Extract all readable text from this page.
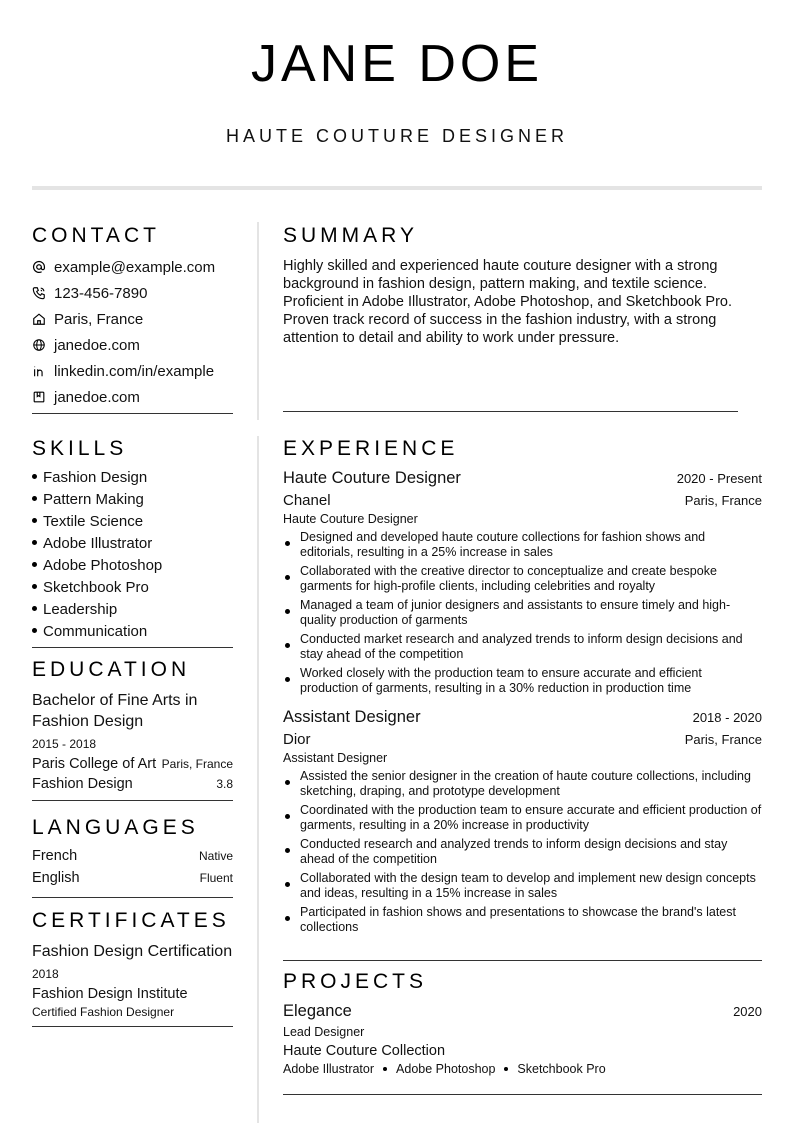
JANE DOE
HAUTE COUTURE DESIGNER
CONTACT
example@example.com
123-456-7890
Paris, France
janedoe.com
linkedin.com/in/example
janedoe.com
SKILLS
Fashion Design
Pattern Making
Textile Science
Adobe Illustrator
Adobe Photoshop
Sketchbook Pro
Leadership
Communication
EDUCATION
Bachelor of Fine Arts in Fashion Design
2015 - 2018
Paris College of Art Paris, France
Fashion Design	3.8
LANGUAGES
French	Native
English	Fluent
CERTIFICATES
Fashion Design Certification
2018
Fashion Design Institute
Certified Fashion Designer
SUMMARY
Highly skilled and experienced haute couture designer with a strong background in fashion design, pattern making, and textile science. Proficient in Adobe Illustrator, Adobe Photoshop, and Sketchbook Pro. Proven track record of success in the fashion industry, with a strong attention to detail and ability to work under pressure.
EXPERIENCE
Haute Couture Designer	2020 - Present
Chanel	Paris, France
Haute Couture Designer
Designed and developed haute couture collections for fashion shows and editorials, resulting in a 25% increase in sales
Collaborated with the creative director to conceptualize and create bespoke garments for high-profile clients, including celebrities and royalty
Managed a team of junior designers and assistants to ensure timely and high-quality production of garments
Conducted market research and analyzed trends to inform design decisions and stay ahead of the competition
Worked closely with the production team to ensure accurate and efficient production of garments, resulting in a 30% reduction in production time
Assistant Designer	2018 - 2020
Dior	Paris, France
Assistant Designer
Assisted the senior designer in the creation of haute couture collections, including sketching, draping, and prototype development
Coordinated with the production team to ensure accurate and efficient production of garments, resulting in a 20% increase in productivity
Conducted research and analyzed trends to inform design decisions and stay ahead of the competition
Collaborated with the design team to develop and implement new design concepts and ideas, resulting in a 15% increase in sales
Participated in fashion shows and presentations to showcase the brand's latest collections
PROJECTS
Elegance	2020
Lead Designer
Haute Couture Collection
Adobe Illustrator Adobe Photoshop Sketchbook Pro
